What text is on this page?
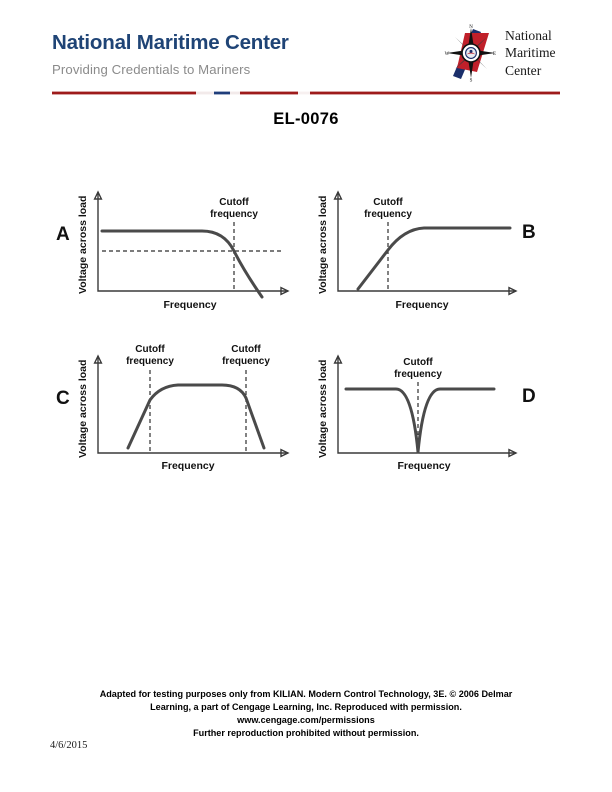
National Maritime Center
Providing Credentials to Mariners
N
E
S
W
National
Maritime
Center
EL-0076
A Voltage across load	Cutoff
frequency
Frequency
B
Voltage across load	Cutoff
frequency
Frequency
C Voltage across load
Cutoff
frequency
Cutoff
frequency
Frequency
D
Voltage across load	Cutoff
frequency
Frequency
Adapted for testing purposes only from KILIAN. Modern Control Technology, 3E. © 2006 Delmar
Learning, a part of Cengage Learning, Inc. Reproduced with permission.
www.cengage.com/permissions
Further reproduction prohibited without permission.
4/6/2015
